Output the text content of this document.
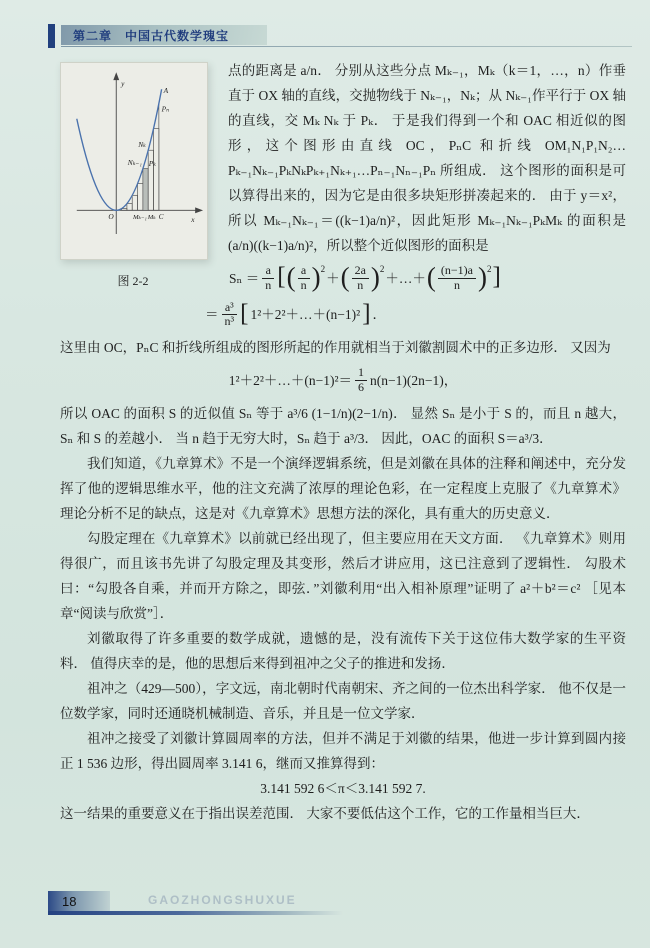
第二章　中国古代数学瑰宝
y
x
O
A
Pₙ
Nₖ
Nₖ₋₁ Pₖ
Mₖ₋₁ Mₖ C
图 2-2

点的距离是 a/n． 分别从这些分点 Mₖ₋₁，Mₖ（k＝1，…，n）作垂直于 OX 轴的直线，交抛物线于 Nₖ₋₁，Nₖ；从 Nₖ₋₁作平行于 OX 轴的直线，交 Mₖ Nₖ 于 Pₖ． 于是我们得到一个和 OAC 相近似的图形，这个图形由直线 OC，PₙC 和折线 OM₁N₁P₁N₂…Pₖ₋₁Nₖ₋₁PₖNₖPₖ₊₁Nₖ₊₁…Pₙ₋₁Nₙ₋₁Pₙ 所组成． 这个图形的面积是可以算得出来的，因为它是由很多块矩形拼凑起来的． 由于 y＝x²，所以 Mₖ₋₁Nₖ₋₁＝((k−1)a/n)²，因此矩形 Mₖ₋₁Nₖ₋₁PₖMₖ 的面积是 (a/n)((k−1)a/n)²，所以整个近似图形的面积是

$S_n = \frac{a}{n}$ [ ( $\frac{a}{n}$ ) 2
＋ ( $\frac{2a}{n}$ ) 2
＋…＋ ( $\frac{(n-1)a}{n}$ ) 2 ]
＝ $\frac{\text{a³}}{\text{n³}}$ [ 1²＋2²＋…＋(n−1)² ] ．

这里由 OC，PₙC 和折线所组成的图形所起的作用就相当于刘徽割圆术中的正多边形． 又因为

1²＋2²＋…＋(n−1)²＝ $\frac{1}{6} n(n-1)(2n-1)$，

所以 OAC 的面积 S 的近似值 Sₙ 等于 a³/6 (1−1/n)(2−1/n)． 显然 Sₙ 是小于 S 的，而且 n 越大，Sₙ 和 S 的差越小． 当 n 趋于无穷大时，Sₙ 趋于 a³/3． 因此，OAC 的面积 S＝a³/3．

我们知道，《九章算术》不是一个演绎逻辑系统，但是刘徽在具体的注释和阐述中，充分发挥了他的逻辑思维水平，他的注文充满了浓厚的理论色彩，在一定程度上克服了《九章算术》理论分析不足的缺点，这是对《九章算术》思想方法的深化，具有重大的历史意义．

勾股定理在《九章算术》以前就已经出现了，但主要应用在天文方面． 《九章算术》则用得很广，而且该书先讲了勾股定理及其变形，然后才讲应用，这已注意到了逻辑性． 勾股术曰：“勾股各自乘，并而开方除之，即弦．”刘徽利用“出入相补原理”证明了 a²＋b²＝c² ［见本章“阅读与欣赏”］．

刘徽取得了许多重要的数学成就，遗憾的是，没有流传下关于这位伟大数学家的生平资料． 值得庆幸的是，他的思想后来得到祖冲之父子的推进和发扬．

祖冲之（429—500），字文远，南北朝时代南朝宋、齐之间的一位杰出科学家． 他不仅是一位数学家，同时还通晓机械制造、音乐，并且是一位文学家．

祖冲之接受了刘徽计算圆周率的方法，但并不满足于刘徽的结果，他进一步计算到圆内接正 1 536 边形，得出圆周率 3.141 6，继而又推算得到：

3.141 592 6＜π＜3.141 592 7.

这一结果的重要意义在于指出误差范围． 大家不要低估这个工作，它的工作量相当巨大．

18	GAOZHONGSHUXUE
